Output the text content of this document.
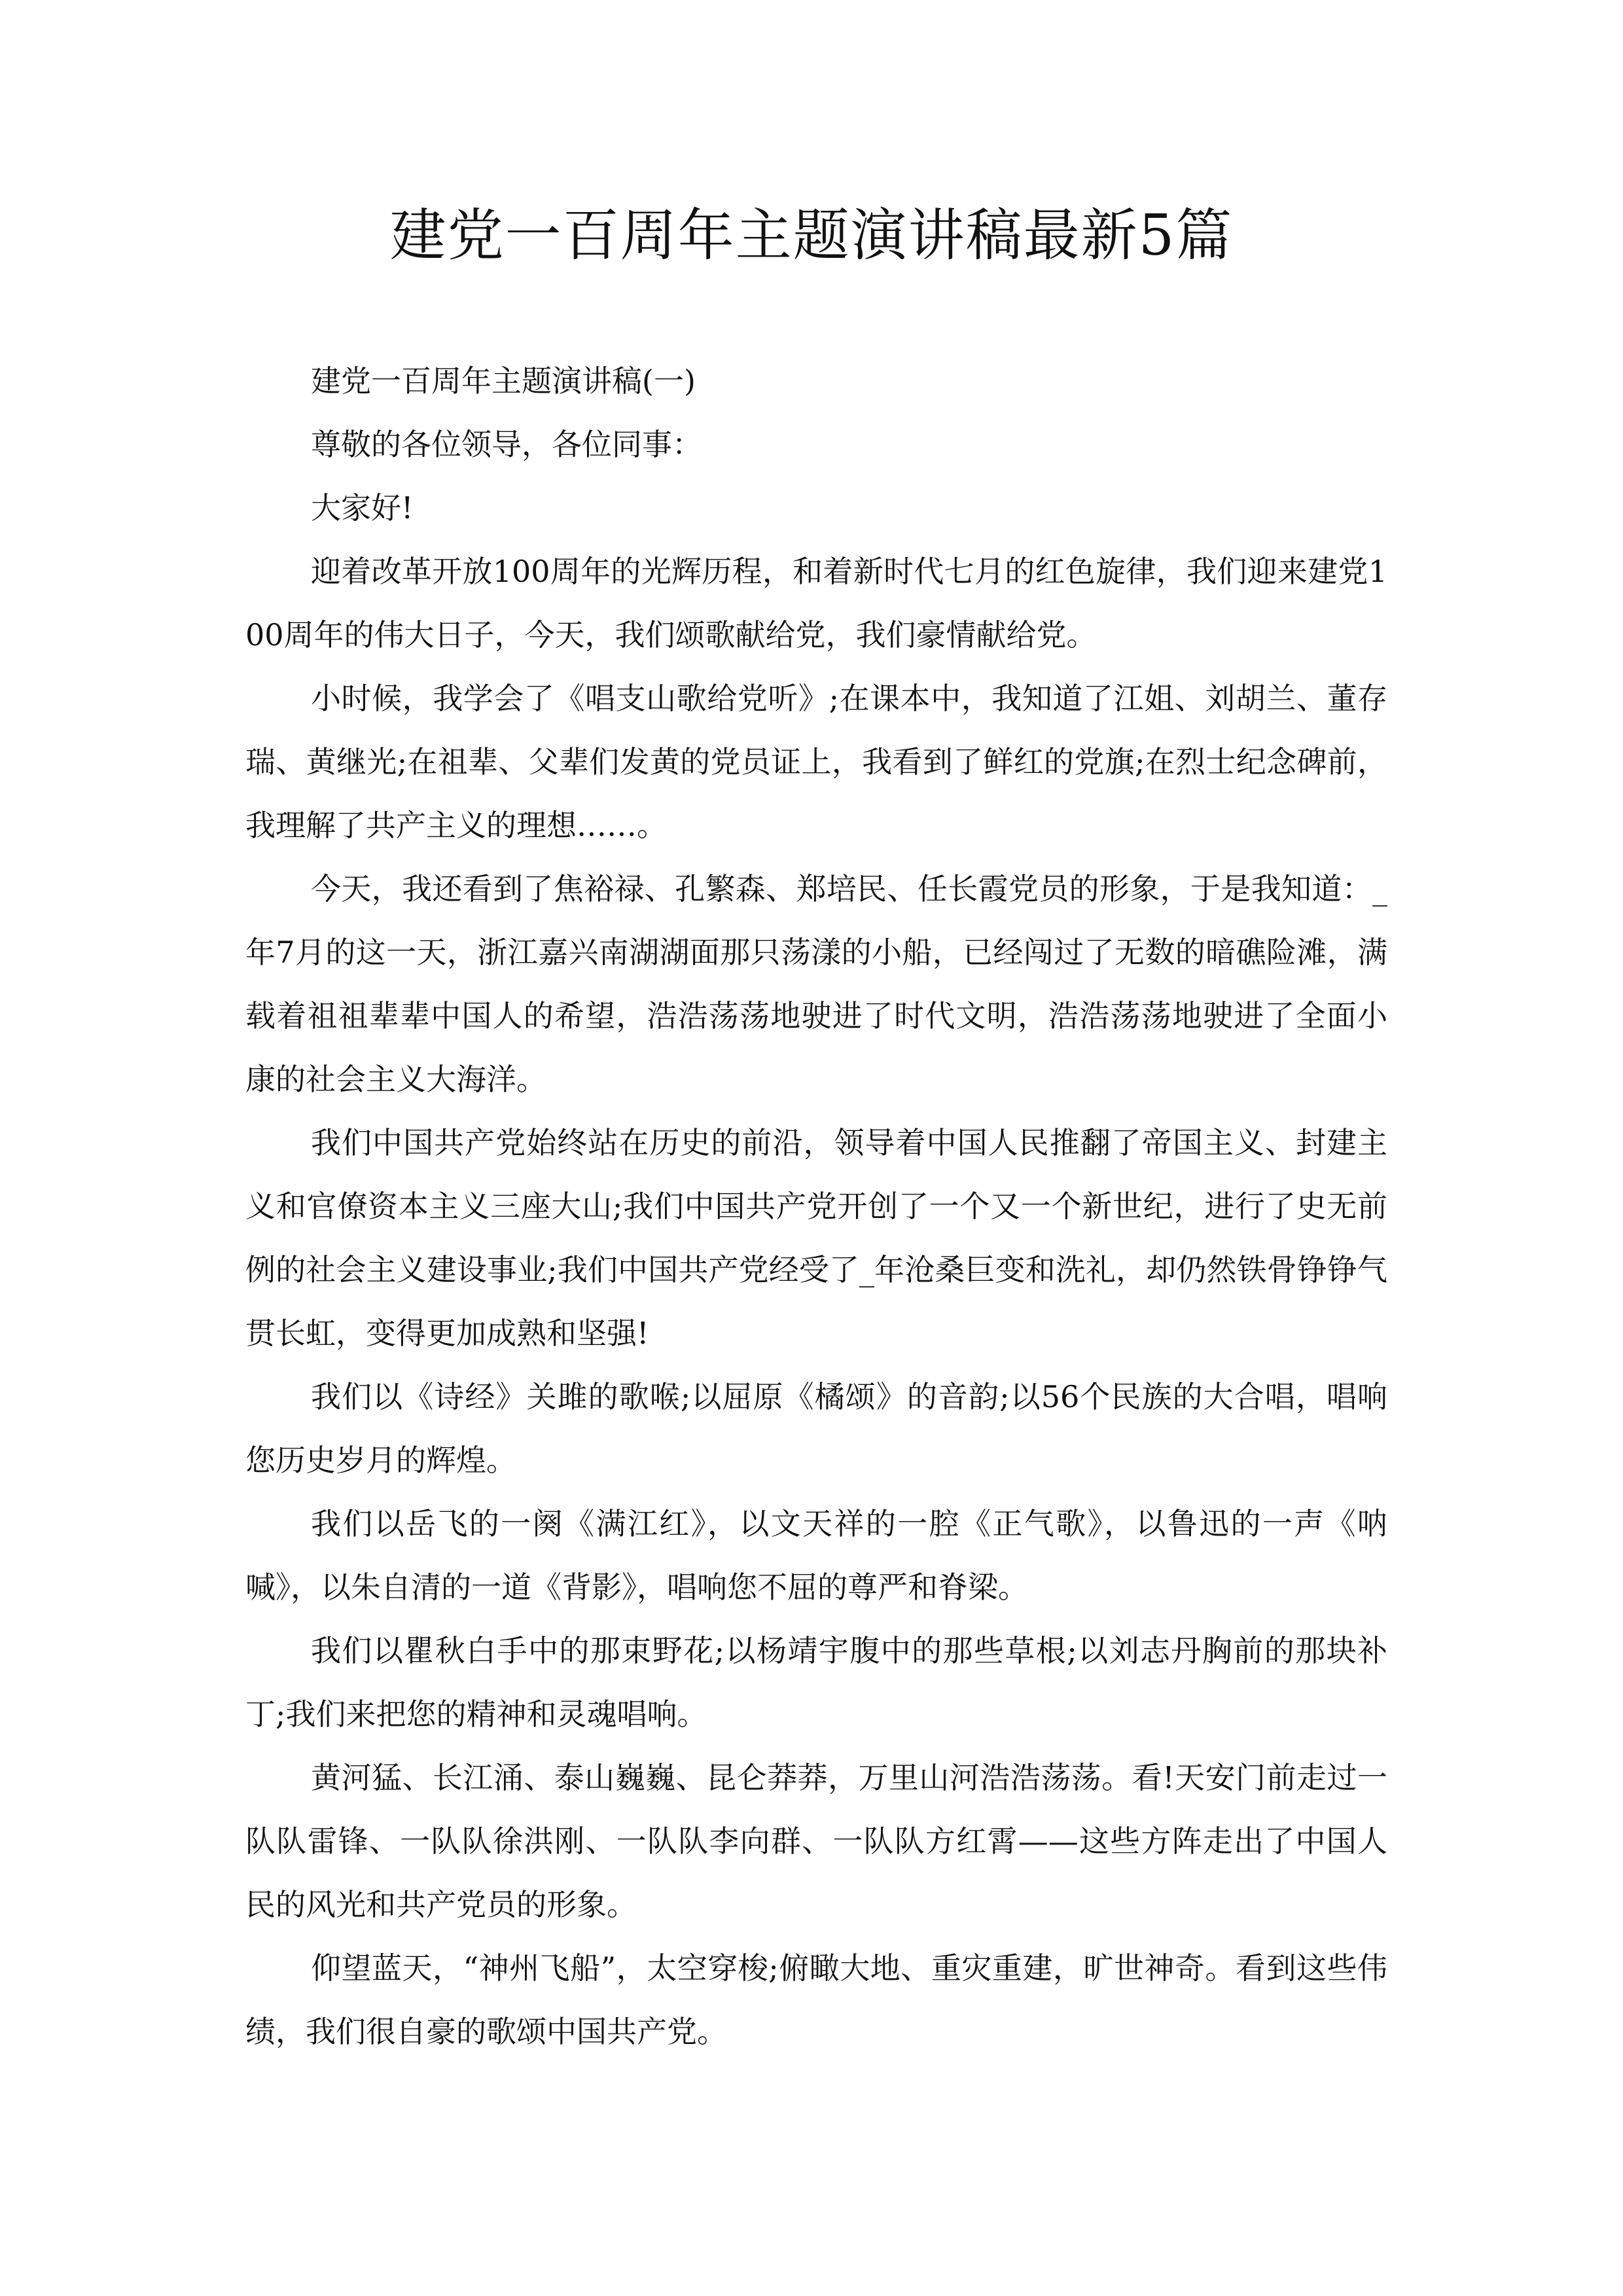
建党一百周年主题演讲稿最新5篇

建党一百周年主题演讲稿(一)

尊敬的各位领导，各位同事：

大家好!

迎着改革开放100周年的光辉历程，和着新时代七月的红色旋律，我们迎来建党100周年的伟大日子，今天，我们颂歌献给党，我们豪情献给党。

小时候，我学会了《唱支山歌给党听》;在课本中，我知道了江姐、刘胡兰、董存瑞、黄继光;在祖辈、父辈们发黄的党员证上，我看到了鲜红的党旗;在烈士纪念碑前，我理解了共产主义的理想……。

今天，我还看到了焦裕禄、孔繁森、郑培民、任长霞党员的形象，于是我知道：_年7月的这一天，浙江嘉兴南湖湖面那只荡漾的小船，已经闯过了无数的暗礁险滩，满载着祖祖辈辈中国人的希望，浩浩荡荡地驶进了时代文明，浩浩荡荡地驶进了全面小康的社会主义大海洋。

我们中国共产党始终站在历史的前沿，领导着中国人民推翻了帝国主义、封建主义和官僚资本主义三座大山;我们中国共产党开创了一个又一个新世纪，进行了史无前例的社会主义建设事业;我们中国共产党经受了_年沧桑巨变和洗礼，却仍然铁骨铮铮气贯长虹，变得更加成熟和坚强!

我们以《诗经》关雎的歌喉;以屈原《橘颂》的音韵;以56个民族的大合唱，唱响您历史岁月的辉煌。

我们以岳飞的一阕《满江红》，以文天祥的一腔《正气歌》，以鲁迅的一声《呐喊》，以朱自清的一道《背影》，唱响您不屈的尊严和脊梁。

我们以瞿秋白手中的那束野花;以杨靖宇腹中的那些草根;以刘志丹胸前的那块补丁;我们来把您的精神和灵魂唱响。

黄河猛、长江涌、泰山巍巍、昆仑莽莽，万里山河浩浩荡荡。看!天安门前走过一队队雷锋、一队队徐洪刚、一队队李向群、一队队方红霄——这些方阵走出了中国人民的风光和共产党员的形象。

仰望蓝天，“神州飞船”，太空穿梭;俯瞰大地、重灾重建，旷世神奇。看到这些伟绩，我们很自豪的歌颂中国共产党。
